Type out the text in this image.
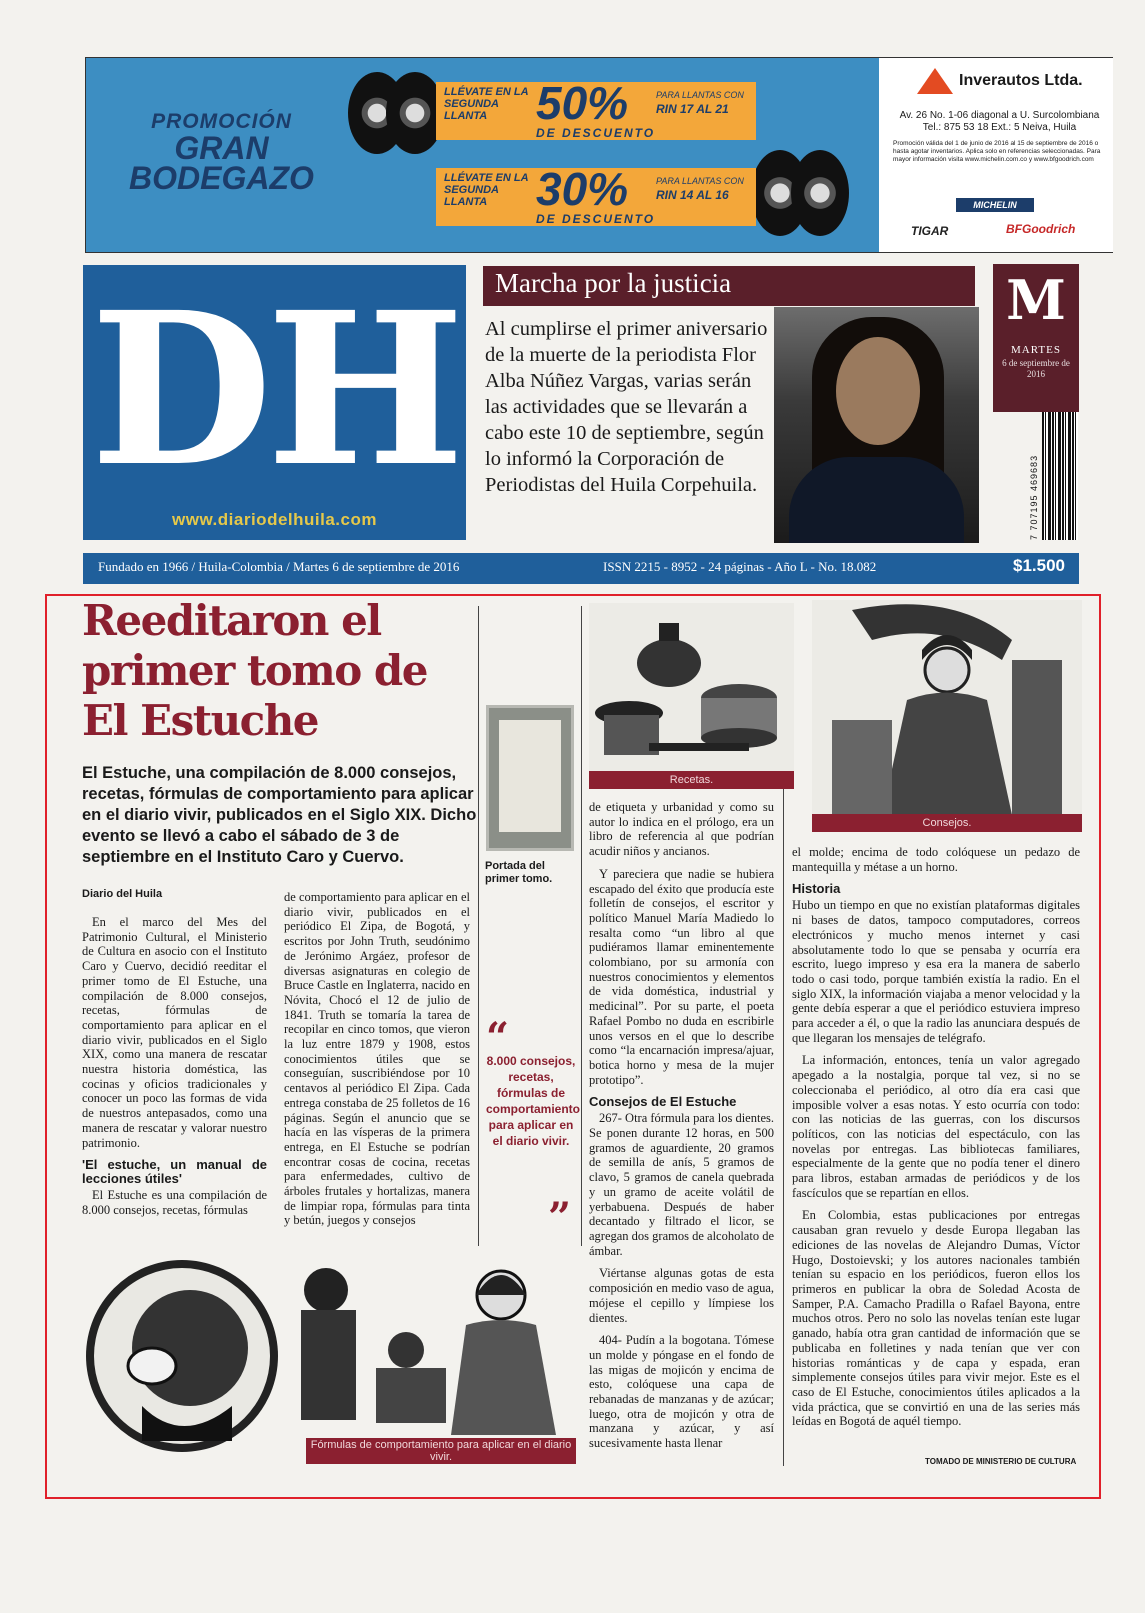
PROMOCIÓN
GRAN
BODEGAZO
LLÉVATE EN LA SEGUNDA LLANTA	50%	PARA LLANTAS CON
RIN 17 AL 21
DE DESCUENTO
LLÉVATE EN LA SEGUNDA LLANTA	30%	PARA LLANTAS CON
RIN 14 AL 16
DE DESCUENTO
Inverautos Ltda.
Av. 26 No. 1-06 diagonal a U. Surcolombiana
Tel.: 875 53 18 Ext.: 5 Neiva, Huila
Promoción válida del 1 de junio de 2016 al 15 de septiembre de 2016 o hasta agotar inventarios. Aplica solo en referencias seleccionadas. Para mayor información visita www.michelin.com.co y www.bfgoodrich.com
MICHELIN
TIGAR	BFGoodrich
DH
www.diariodelhuila.com
Marcha por la justicia
Al cumplirse el primer aniversario de la muerte de la periodista Flor Alba Núñez Vargas, varias serán las actividades que se llevarán a cabo este 10 de septiembre, según lo informó la Corporación de Periodistas del Huila Corpehuila.
M
MARTES
6 de septiembre de 2016
7 707195 469683
Fundado en 1966 / Huila-Colombia / Martes 6 de septiembre de 2016	ISSN 2215 - 8952 - 24 páginas - Año L - No. 18.082	$1.500
Reeditaron el primer tomo de El Estuche
El Estuche, una compilación de 8.000 consejos, recetas, fórmulas de comportamiento para aplicar en el diario vivir, publicados en el Siglo XIX. Dicho evento se llevó a cabo el sábado de 3 de septiembre en el Instituto Caro y Cuervo.
Diario del Huila

En el marco del Mes del Patrimonio Cultural, el Ministerio de Cultura en asocio con el Instituto Caro y Cuervo, decidió reeditar el primer tomo de El Estuche, una compilación de 8.000 consejos, recetas, fórmulas de comportamiento para aplicar en el diario vivir, publicados en el Siglo XIX, como una manera de rescatar nuestra historia doméstica, las cocinas y oficios tradicionales y conocer un poco las formas de vida de nuestros antepasados, como una manera de rescatar y valorar nuestro patrimonio.

'El estuche, un manual de lecciones útiles'

El Estuche es una compilación de 8.000 consejos, recetas, fórmulas

de comportamiento para aplicar en el diario vivir, publicados en el periódico El Zipa, de Bogotá, y escritos por John Truth, seudónimo de Jerónimo Argáez, profesor de diversas asignaturas en colegio de Bruce Castle en Inglaterra, nacido en Nóvita, Chocó el 12 de julio de 1841. Truth se tomaría la tarea de recopilar en cinco tomos, que vieron la luz entre 1879 y 1908, estos conocimientos útiles que se conseguían, suscribiéndose por 10 centavos al periódico El Zipa. Cada entrega constaba de 25 folletos de 16 páginas. Según el anuncio que se hacía en las vísperas de la primera entrega, en El Estuche se podrían encontrar cosas de cocina, recetas para enfermedades, cultivo de árboles frutales y hortalizas, manera de limpiar ropa, fórmulas para tinta y betún, juegos y consejos

Portada del primer tomo.
“
8.000 consejos, recetas, fórmulas de comportamiento para aplicar en el diario vivir.
”
Recetas.
Consejos.
Fórmulas de comportamiento para aplicar en el diario vivir.

de etiqueta y urbanidad y como su autor lo indica en el prólogo, era un libro de referencia al que podrían acudir niños y ancianos.

Y pareciera que nadie se hubiera escapado del éxito que producía este folletín de consejos, el escritor y político Manuel María Madiedo lo resalta como “un libro al que pudiéramos llamar eminentemente colombiano, por su armonía con nuestros conocimientos y elementos de vida doméstica, industrial y medicinal”. Por su parte, el poeta Rafael Pombo no duda en escribirle unos versos en el que lo describe como “la encarnación impresa/ajuar, botica horno y mesa de la mujer prototipo”.

Consejos de El Estuche

267- Otra fórmula para los dientes. Se ponen durante 12 horas, en 500 gramos de aguardiente, 20 gramos de semilla de anís, 5 gramos de clavo, 5 gramos de canela quebrada y un gramo de aceite volátil de yerbabuena. Después de haber decantado y filtrado el licor, se agregan dos gramos de alcoholato de ámbar.

Viértanse algunas gotas de esta composición en medio vaso de agua, mójese el cepillo y límpiese los dientes.

404- Pudín a la bogotana. Tómese un molde y póngase en el fondo de las migas de mojicón y encima de esto, colóquese una capa de rebanadas de manzanas y de azúcar; luego, otra de mojicón y otra de manzana y azúcar, y así sucesivamente hasta llenar

el molde; encima de todo colóquese un pedazo de mantequilla y métase a un horno.

Historia

Hubo un tiempo en que no existían plataformas digitales ni bases de datos, tampoco computadores, correos electrónicos y mucho menos internet y casi absolutamente todo lo que se pensaba y ocurría era escrito, luego impreso y esa era la manera de saberlo todo o casi todo, porque también existía la radio. En el siglo XIX, la información viajaba a menor velocidad y la gente debía esperar a que el periódico estuviera impreso para acceder a él, o que la radio las anunciara después de que llegaran los mensajes de telégrafo.

La información, entonces, tenía un valor agregado apegado a la nostalgia, porque tal vez, si no se coleccionaba el periódico, al otro día era casi que imposible volver a esas notas. Y esto ocurría con todo: con las noticias de las guerras, con los discursos políticos, con las noticias del espectáculo, con las novelas por entregas. Las bibliotecas familiares, especialmente de la gente que no podía tener el dinero para libros, estaban armadas de periódicos y de los fascículos que se repartían en ellos.

En Colombia, estas publicaciones por entregas causaban gran revuelo y desde Europa llegaban las ediciones de las novelas de Alejandro Dumas, Víctor Hugo, Dostoievski; y los autores nacionales también tenían su espacio en los periódicos, fueron ellos los primeros en publicar la obra de Soledad Acosta de Samper, P.A. Camacho Pradilla o Rafael Bayona, entre muchos otros. Pero no solo las novelas tenían este lugar ganado, había otra gran cantidad de información que se publicaba en folletines y nada tenían que ver con historias románticas y de capa y espada, eran simplemente consejos útiles para vivir mejor. Este es el caso de El Estuche, conocimientos útiles aplicados a la vida práctica, que se convirtió en una de las series más leídas en Bogotá de aquél tiempo.

TOMADO DE MINISTERIO DE CULTURA
